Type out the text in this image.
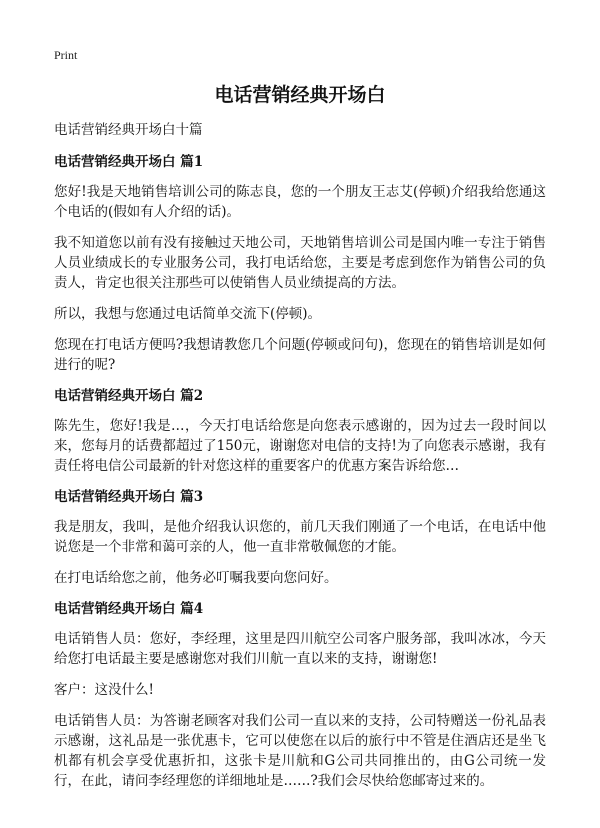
Print
电话营销经典开场白

电话营销经典开场白十篇

电话营销经典开场白 篇1

您好!我是天地销售培训公司的陈志良，您的一个朋友王志艾(停顿)介绍我给您通这个电话的(假如有人介绍的话)。

我不知道您以前有没有接触过天地公司，天地销售培训公司是国内唯一专注于销售人员业绩成长的专业服务公司，我打电话给您，主要是考虑到您作为销售公司的负责人，肯定也很关注那些可以使销售人员业绩提高的方法。

所以，我想与您通过电话简单交流下(停顿)。

您现在打电话方便吗?我想请教您几个问题(停顿或问句)，您现在的销售培训是如何进行的呢?

电话营销经典开场白 篇2

陈先生，您好!我是…，今天打电话给您是向您表示感谢的，因为过去一段时间以来，您每月的话费都超过了150元，谢谢您对电信的支持!为了向您表示感谢，我有责任将电信公司最新的针对您这样的重要客户的优惠方案告诉给您…

电话营销经典开场白 篇3

我是朋友，我叫，是他介绍我认识您的，前几天我们刚通了一个电话，在电话中他说您是一个非常和蔼可亲的人，他一直非常敬佩您的才能。

在打电话给您之前，他务必叮嘱我要向您问好。

电话营销经典开场白 篇4

电话销售人员：您好，李经理，这里是四川航空公司客户服务部，我叫冰冰，今天给您打电话最主要是感谢您对我们川航一直以来的支持，谢谢您!

客户：这没什么!

电话销售人员：为答谢老顾客对我们公司一直以来的支持，公司特赠送一份礼品表示感谢，这礼品是一张优惠卡，它可以使您在以后的旅行中不管是住酒店还是坐飞机都有机会享受优惠折扣，这张卡是川航和G公司共同推出的，由G公司统一发行，在此，请问李经理您的详细地址是……?我们会尽快给您邮寄过来的。
